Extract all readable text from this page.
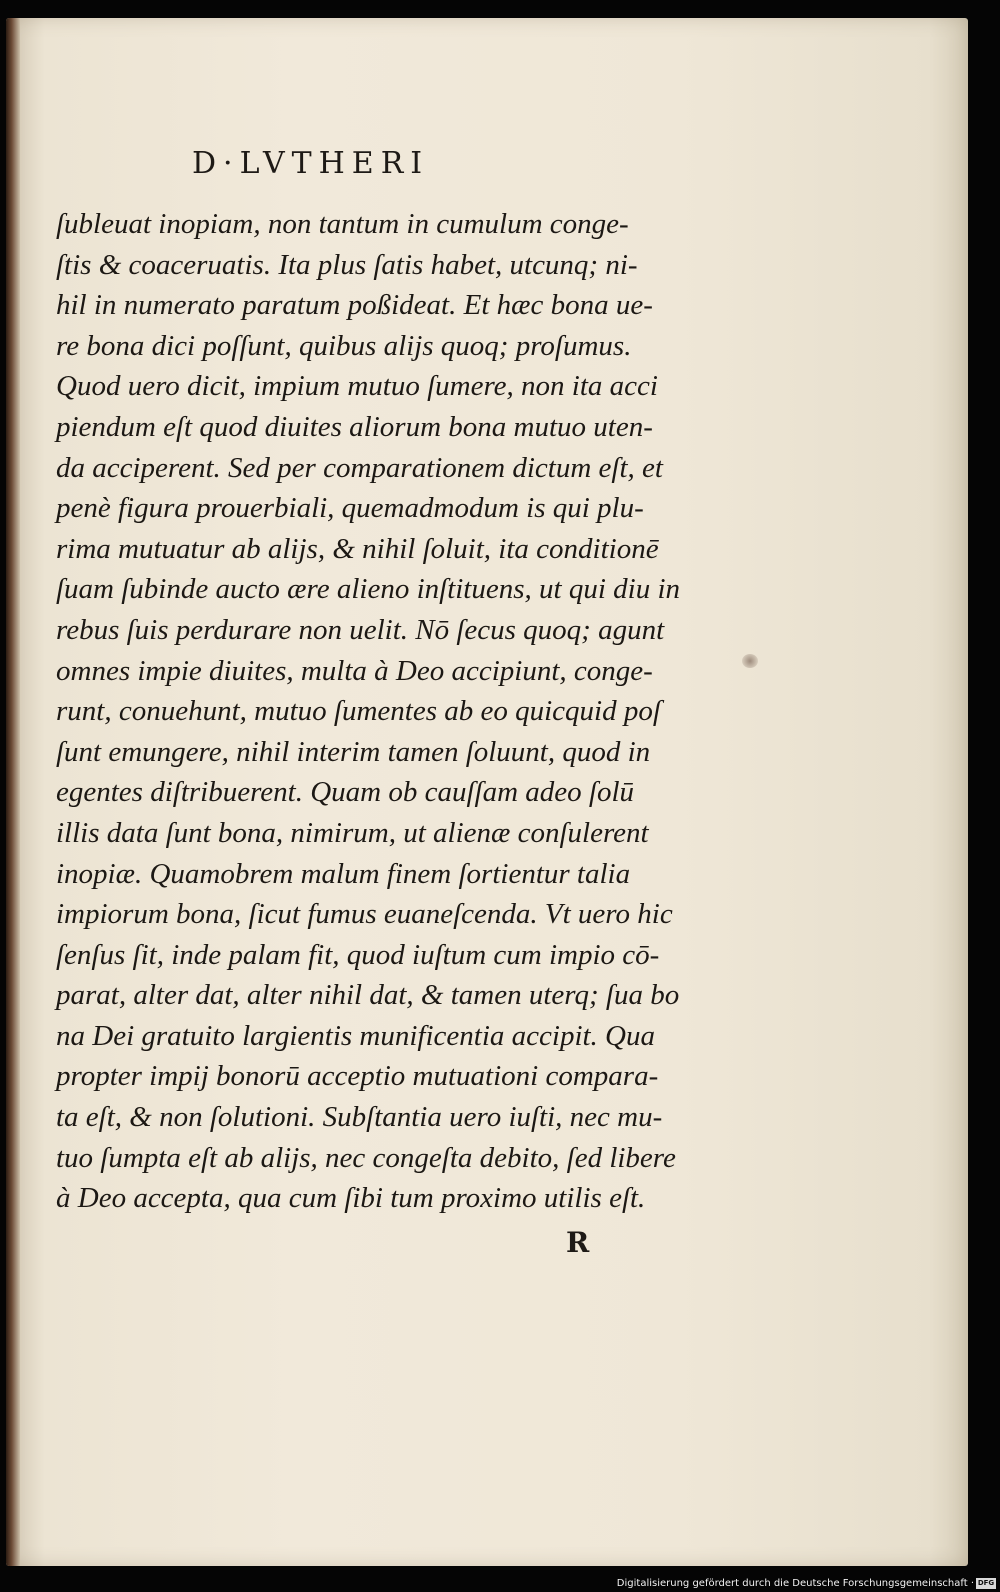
D·LVTHERI
ſubleuat inopiam, non tantum in cumulum conge-
ſtis & coaceruatis. Ita plus ſatis habet, utcunq; ni-
hil in numerato paratum poßideat. Et hæc bona ue-
re bona dici poſſunt, quibus alijs quoq; proſumus.
Quod uero dicit, impium mutuo ſumere, non ita acci
piendum eſt quod diuites aliorum bona mutuo uten-
da acciperent. Sed per comparationem dictum eſt, et
penè figura prouerbiali, quemadmodum is qui plu-
rima mutuatur ab alijs, & nihil ſoluit, ita conditionē
ſuam ſubinde aucto ære alieno inſtituens, ut qui diu in
rebus ſuis perdurare non uelit. Nō ſecus quoq; agunt
omnes impie diuites, multa à Deo accipiunt, conge-
runt, conuehunt, mutuo ſumentes ab eo quicquid poſ
ſunt emungere, nihil interim tamen ſoluunt, quod in
egentes diſtribuerent. Quam ob cauſſam adeo ſolū
illis data ſunt bona, nimirum, ut alienæ conſulerent
inopiæ. Quamobrem malum finem ſortientur talia
impiorum bona, ſicut fumus euaneſcenda. Vt uero hic
ſenſus ſit, inde palam fit, quod iuſtum cum impio cō-
parat, alter dat, alter nihil dat, & tamen uterq; ſua bo
na Dei gratuito largientis munificentia accipit. Qua
propter impij bonorū acceptio mutuationi compara-
ta eſt, & non ſolutioni. Subſtantia uero iuſti, nec mu-
tuo ſumpta eſt ab alijs, nec congeſta debito, ſed libere
à Deo accepta, qua cum ſibi tum proximo utilis eſt.
R
Digitalisierung gefördert durch die Deutsche Forschungsgemeinschaft · DFG
